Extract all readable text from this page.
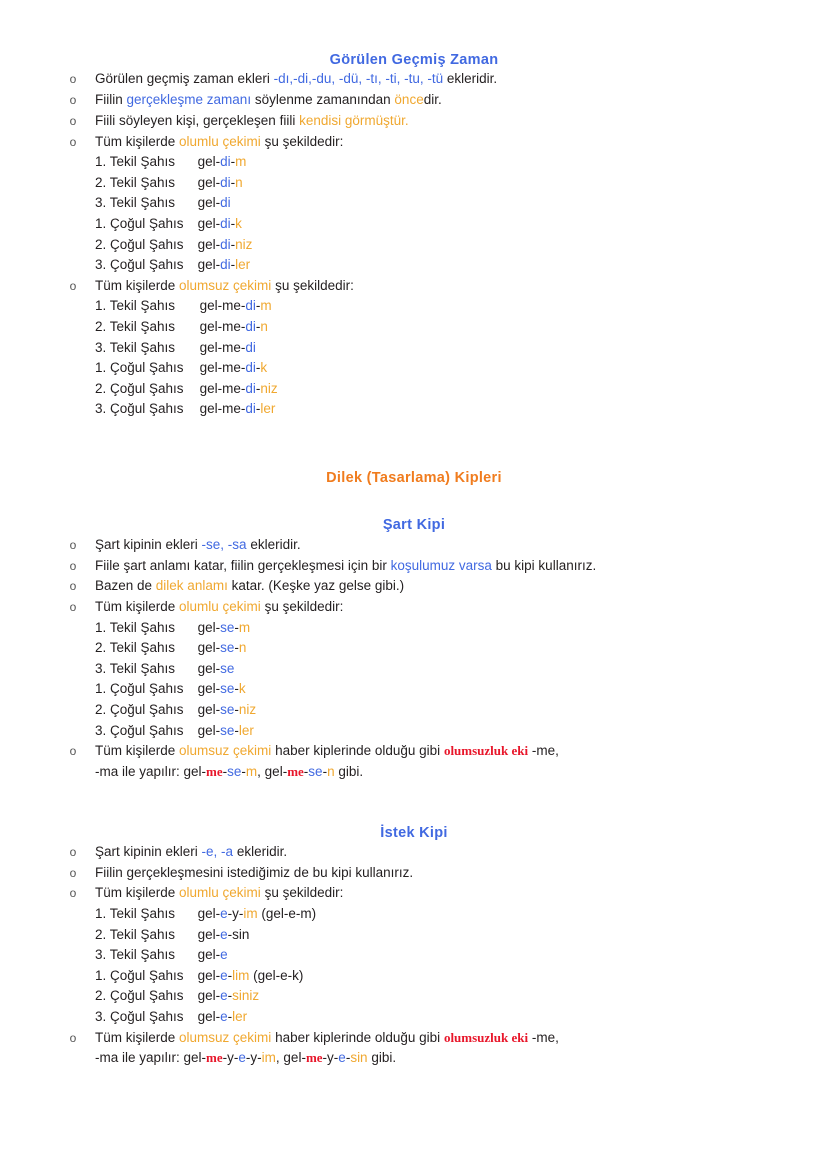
Görülen Geçmiş Zaman
o Görülen geçmiş zaman ekleri -dı,-di,-du, -dü, -tı, -ti, -tu, -tü ekleridir.
o Fiilin gerçekleşme zamanı söylenme zamanından öncedir.
o Fiili söyleyen kişi, gerçekleşen fiili kendisi görmüştür.
o Tüm kişilerde olumlu çekimi şu şekildedir:
1. Tekil Şahıs	gel-di-m
2. Tekil Şahıs	gel-di-n
3. Tekil Şahıs	gel-di
1. Çoğul Şahıs	gel-di-k
2. Çoğul Şahıs	gel-di-niz
3. Çoğul Şahıs	gel-di-ler
o Tüm kişilerde olumsuz çekimi şu şekildedir:
1. Tekil Şahıs	gel-me-di-m
2. Tekil Şahıs	gel-me-di-n
3. Tekil Şahıs	gel-me-di
1. Çoğul Şahıs	gel-me-di-k
2. Çoğul Şahıs	gel-me-di-niz
3. Çoğul Şahıs	gel-me-di-ler
Dilek (Tasarlama) Kipleri
Şart Kipi
o Şart kipinin ekleri -se, -sa ekleridir.
o Fiile şart anlamı katar, fiilin gerçekleşmesi için bir koşulumuz varsa bu kipi kullanırız.
o Bazen de dilek anlamı katar. (Keşke yaz gelse gibi.)
o Tüm kişilerde olumlu çekimi şu şekildedir:
1. Tekil Şahıs	gel-se-m
2. Tekil Şahıs	gel-se-n
3. Tekil Şahıs	gel-se
1. Çoğul Şahıs	gel-se-k
2. Çoğul Şahıs	gel-se-niz
3. Çoğul Şahıs	gel-se-ler
o Tüm kişilerde olumsuz çekimi haber kiplerinde olduğu gibi olumsuzluk eki -me,
-ma ile yapılır: gel-me-se-m, gel-me-se-n gibi.
İstek Kipi
o Şart kipinin ekleri -e, -a ekleridir.
o Fiilin gerçekleşmesini istediğimiz de bu kipi kullanırız.
o Tüm kişilerde olumlu çekimi şu şekildedir:
1. Tekil Şahıs	gel-e-y-im (gel-e-m)
2. Tekil Şahıs	gel-e-sin
3. Tekil Şahıs	gel-e
1. Çoğul Şahıs	gel-e-lim (gel-e-k)
2. Çoğul Şahıs	gel-e-siniz
3. Çoğul Şahıs	gel-e-ler
o Tüm kişilerde olumsuz çekimi haber kiplerinde olduğu gibi olumsuzluk eki -me,
-ma ile yapılır: gel-me-y-e-y-im, gel-me-y-e-sin gibi.
